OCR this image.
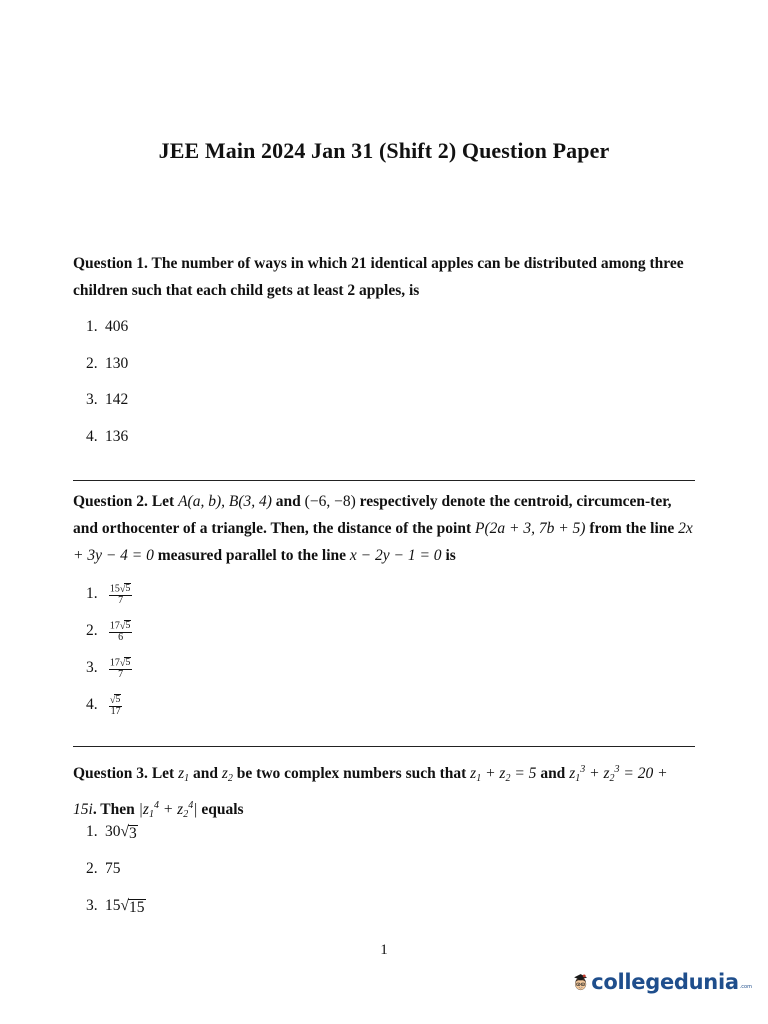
JEE Main 2024 Jan 31 (Shift 2) Question Paper
Question 1. The number of ways in which 21 identical apples can be distributed among three children such that each child gets at least 2 apples, is
1. 406
2. 130
3. 142
4. 136
Question 2. Let A(a, b), B(3, 4) and (−6, −8) respectively denote the centroid, circumcen-ter, and orthocenter of a triangle. Then, the distance of the point P(2a + 3, 7b + 5) from the line 2x + 3y − 4 = 0 measured parallel to the line x − 2y − 1 = 0 is
1. $\frac{15 √ 5}{7}$
2. $\frac{17 √ 5}{6}$
3. $\frac{17 √ 5}{7}$
4. $\frac{√ 5}{17}$
Question 3. Let $z_1$ and $z_2$ be two complex numbers such that $z_1 + z_2 = 5$ and $z_1^3 + z_2^3 = 20 + 15i$. Then $|z_1^4 + z_2^4|$ equals
1. 30 √ 3
2. 75
3. 15 √ 15
1
collegedunia .com
